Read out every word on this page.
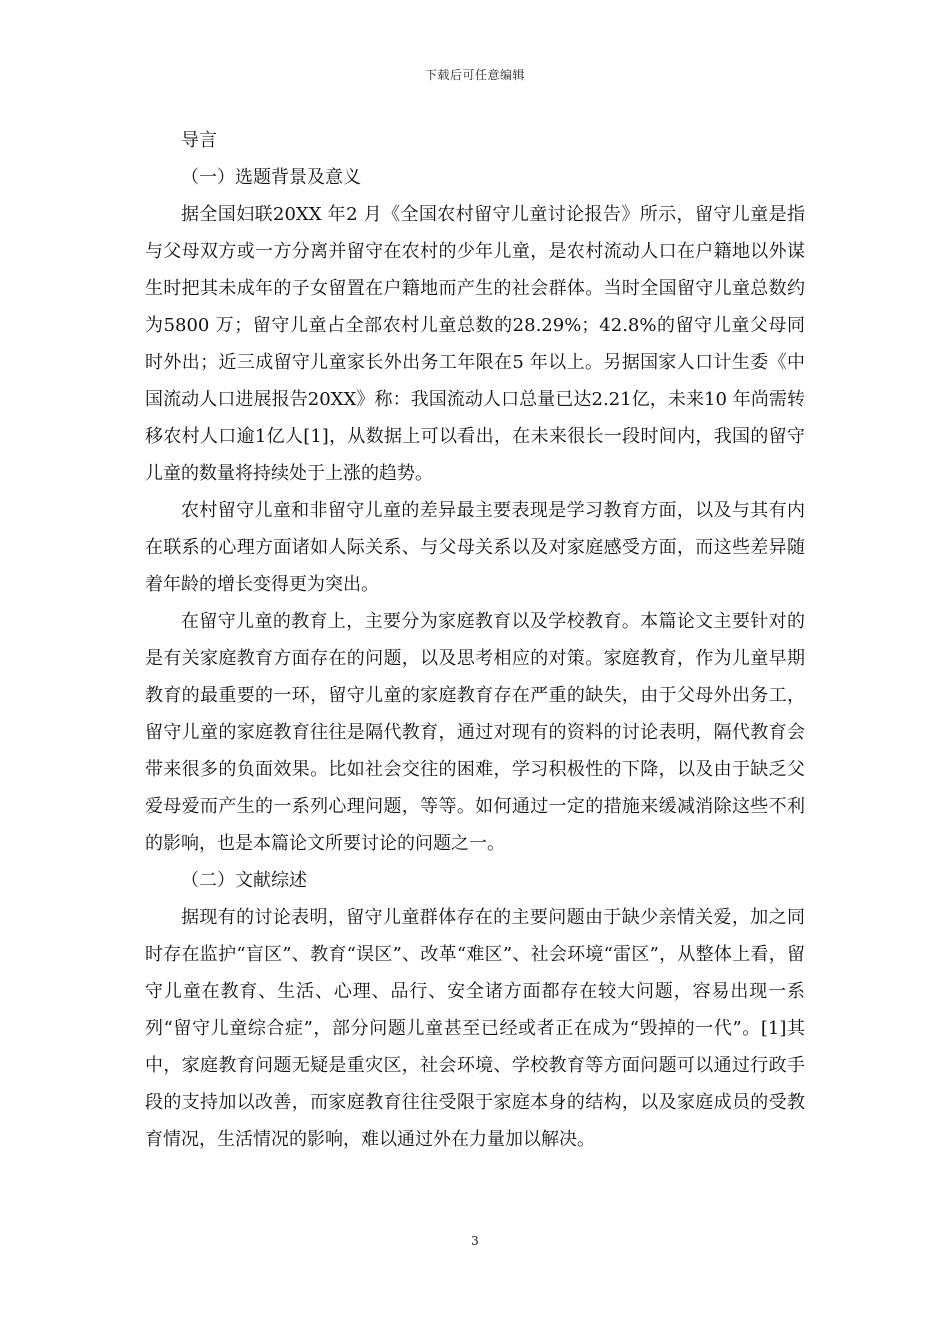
下载后可任意编辑

导言

（一）选题背景及意义

据全国妇联20XX 年2 月《全国农村留守儿童讨论报告》所示，留守儿童是指与父母双方或一方分离并留守在农村的少年儿童，是农村流动人口在户籍地以外谋生时把其未成年的子女留置在户籍地而产生的社会群体。当时全国留守儿童总数约为5800 万；留守儿童占全部农村儿童总数的28.29%；42.8%的留守儿童父母同时外出；近三成留守儿童家长外出务工年限在5 年以上。另据国家人口计生委《中国流动人口进展报告20XX》称：我国流动人口总量已达2.21亿，未来10 年尚需转移农村人口逾1亿人[1]，从数据上可以看出，在未来很长一段时间内，我国的留守儿童的数量将持续处于上涨的趋势。

农村留守儿童和非留守儿童的差异最主要表现是学习教育方面，以及与其有内在联系的心理方面诸如人际关系、与父母关系以及对家庭感受方面，而这些差异随着年龄的增长变得更为突出。

在留守儿童的教育上，主要分为家庭教育以及学校教育。本篇论文主要针对的是有关家庭教育方面存在的问题，以及思考相应的对策。家庭教育，作为儿童早期教育的最重要的一环，留守儿童的家庭教育存在严重的缺失，由于父母外出务工，留守儿童的家庭教育往往是隔代教育，通过对现有的资料的讨论表明，隔代教育会带来很多的负面效果。比如社会交往的困难，学习积极性的下降，以及由于缺乏父爱母爱而产生的一系列心理问题，等等。如何通过一定的措施来缓减消除这些不利的影响，也是本篇论文所要讨论的问题之一。

（二）文献综述

据现有的讨论表明，留守儿童群体存在的主要问题由于缺少亲情关爱，加之同时存在监护“盲区”、教育“误区”、改革“难区”、社会环境“雷区”，从整体上看，留守儿童在教育、生活、心理、品行、安全诸方面都存在较大问题，容易出现一系列“留守儿童综合症”，部分问题儿童甚至已经或者正在成为“毁掉的一代”。[1]其中，家庭教育问题无疑是重灾区，社会环境、学校教育等方面问题可以通过行政手段的支持加以改善，而家庭教育往往受限于家庭本身的结构，以及家庭成员的受教育情况，生活情况的影响，难以通过外在力量加以解决。

3
